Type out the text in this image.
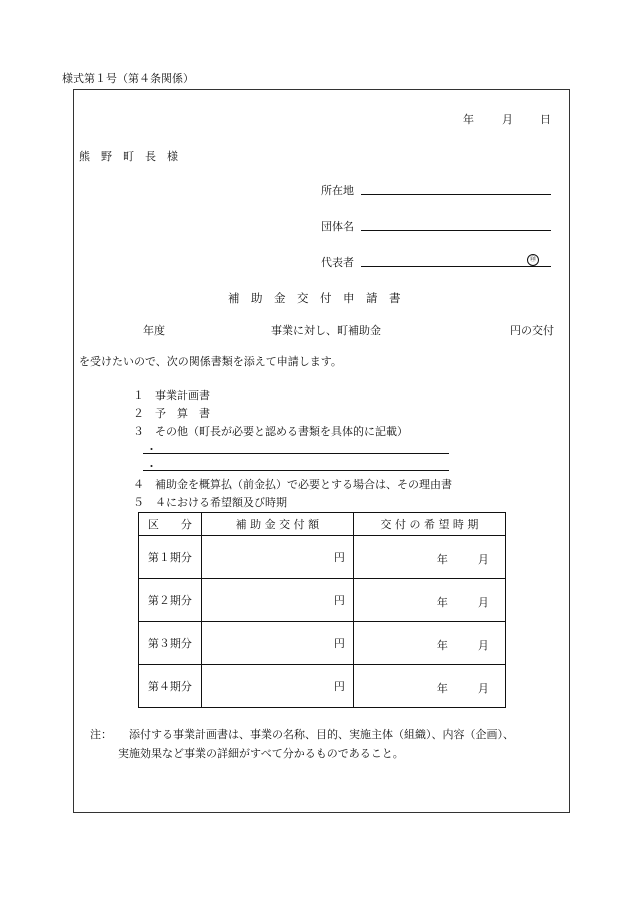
様式第１号（第４条関係）
年	月 日
熊　野　町　長　様
所在地
団体名
代表者	㊞
補　助　金　交　付　申　請　書
年度	事業に対し、町補助金	円の交付
を受けたいので、次の関係書類を添えて申請します。
１　事業計画書
２　予　算　書
３　その他（町長が必要と認める書類を具体的に記載）
・
・
４　補助金を概算払（前金払）で必要とする場合は、その理由書
５　４における希望額及び時期
区　　分	補 助 金 交 付 額	交 付 の 希 望 時 期
第１期分	円	年 月

第２期分	円	年 月

第３期分	円	年 月

第４期分	円	年 月
注： 添付する事業計画書は、事業の名称、目的、実施主体（組織）、内容（企画）、
実施効果など事業の詳細がすべて分かるものであること。
